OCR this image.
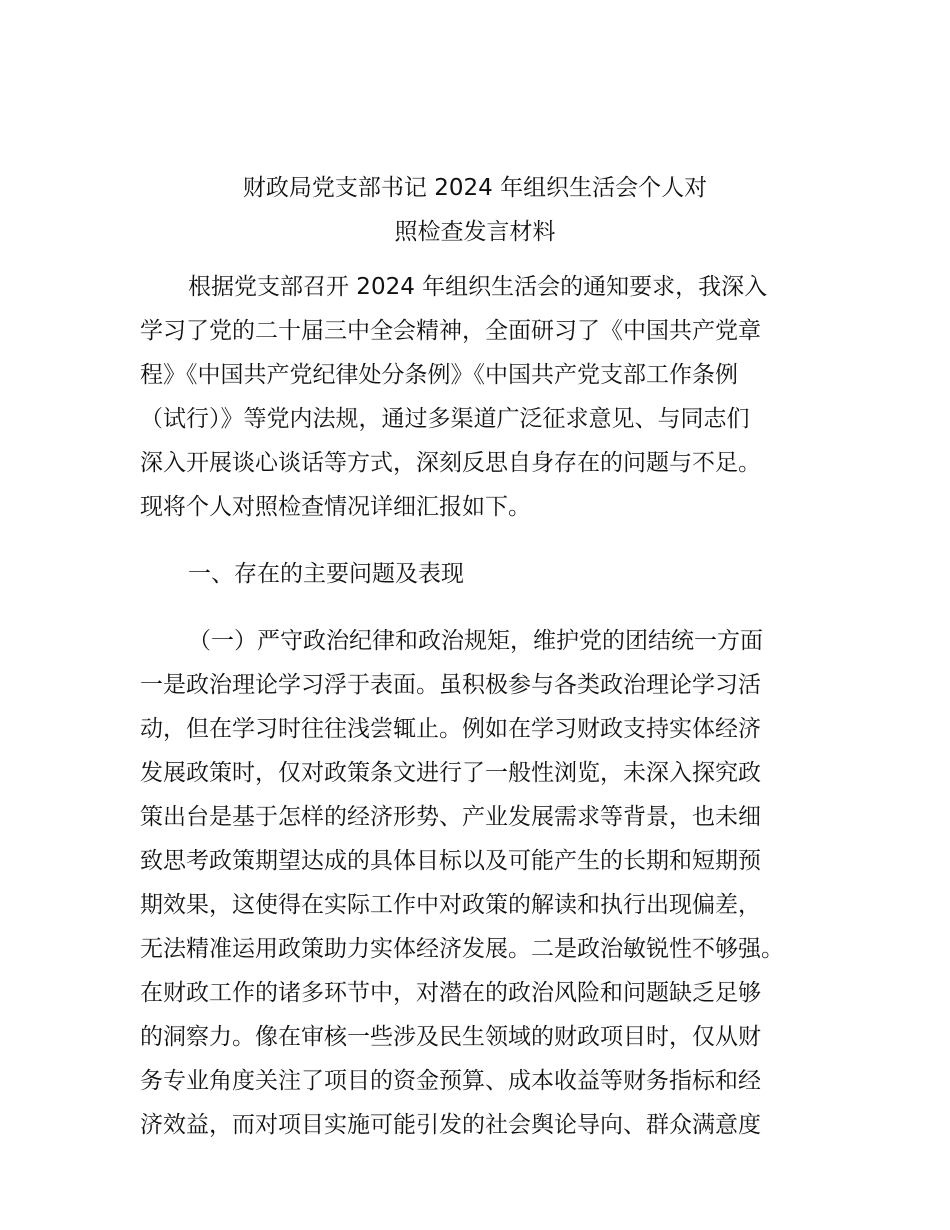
财政局党支部书记 2024 年组织生活会个人对
照检查发言材料
根据党支部召开 2024 年组织生活会的通知要求，我深入
学习了党的二十届三中全会精神，全面研习了《中国共产党章
程》《中国共产党纪律处分条例》《中国共产党支部工作条例
（试行）》等党内法规，通过多渠道广泛征求意见、与同志们
深入开展谈心谈话等方式，深刻反思自身存在的问题与不足。
现将个人对照检查情况详细汇报如下。
一、存在的主要问题及表现
（一）严守政治纪律和政治规矩，维护党的团结统一方面
一是政治理论学习浮于表面。虽积极参与各类政治理论学习活
动，但在学习时往往浅尝辄止。例如在学习财政支持实体经济
发展政策时，仅对政策条文进行了一般性浏览，未深入探究政
策出台是基于怎样的经济形势、产业发展需求等背景，也未细
致思考政策期望达成的具体目标以及可能产生的长期和短期预
期效果，这使得在实际工作中对政策的解读和执行出现偏差，
无法精准运用政策助力实体经济发展。二是政治敏锐性不够强。
在财政工作的诸多环节中，对潜在的政治风险和问题缺乏足够
的洞察力。像在审核一些涉及民生领域的财政项目时，仅从财
务专业角度关注了项目的资金预算、成本收益等财务指标和经
济效益，而对项目实施可能引发的社会舆论导向、群众满意度
